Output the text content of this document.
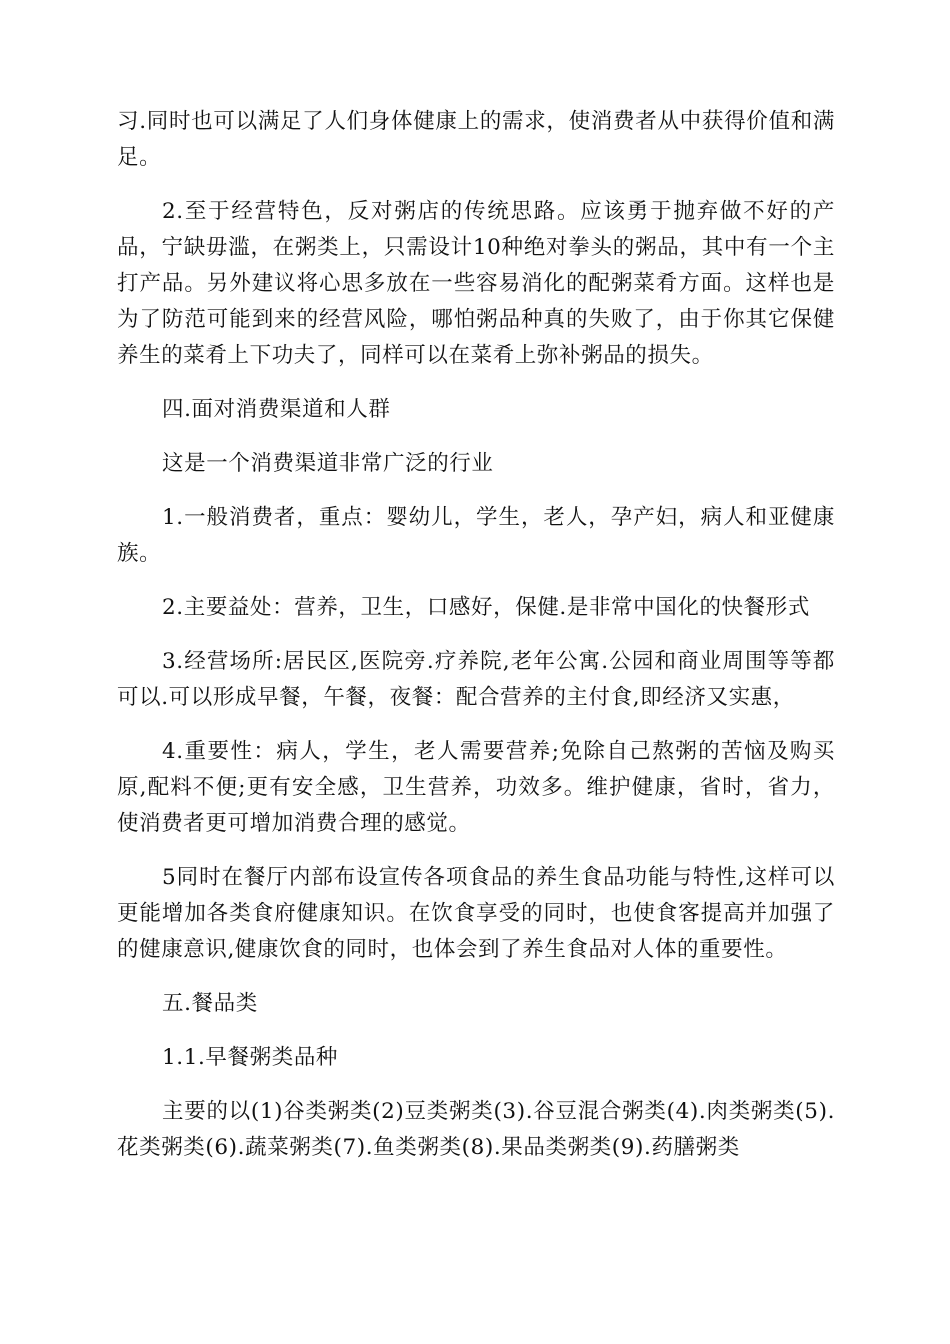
习.同时也可以满足了人们身体健康上的需求，使消费者从中获得价值和满足。

2.至于经营特色，反对粥店的传统思路。应该勇于抛弃做不好的产品，宁缺毋滥，在粥类上，只需设计10种绝对拳头的粥品，其中有一个主打产品。另外建议将心思多放在一些容易消化的配粥菜肴方面。这样也是为了防范可能到来的经营风险，哪怕粥品种真的失败了，由于你其它保健养生的菜肴上下功夫了，同样可以在菜肴上弥补粥品的损失。

四.面对消费渠道和人群

这是一个消费渠道非常广泛的行业

1.一般消费者，重点：婴幼儿，学生，老人，孕产妇，病人和亚健康族。

2.主要益处：营养，卫生，口感好，保健.是非常中国化的快餐形式

3.经营场所:居民区,医院旁.疗养院,老年公寓.公园和商业周围等等都可以.可以形成早餐，午餐，夜餐：配合营养的主付食,即经济又实惠，

4.重要性：病人，学生，老人需要营养;免除自己熬粥的苦恼及购买原,配料不便;更有安全感，卫生营养，功效多。维护健康，省时，省力，使消费者更可增加消费合理的感觉。

5同时在餐厅内部布设宣传各项食品的养生食品功能与特性,这样可以更能增加各类食府健康知识。在饮食享受的同时，也使食客提高并加强了的健康意识,健康饮食的同时，也体会到了养生食品对人体的重要性。

五.餐品类

1.1.早餐粥类品种

主要的以(1)谷类粥类(2)豆类粥类(3).谷豆混合粥类(4).肉类粥类(5).花类粥类(6).蔬菜粥类(7).鱼类粥类(8).果品类粥类(9).药膳粥类
